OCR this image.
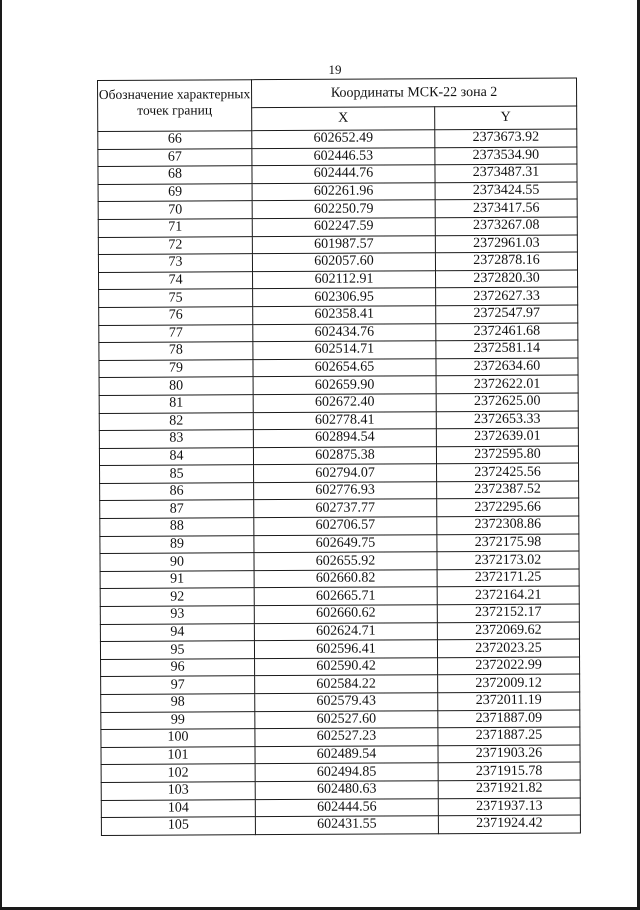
19
Обозначение характерных точек границ	Координаты МСК-22 зона 2	
	X	Y
66	602652.49	2373673.92
67	602446.53	2373534.90
68	602444.76	2373487.31
69	602261.96	2373424.55
70	602250.79	2373417.56
71	602247.59	2373267.08
72	601987.57	2372961.03
73	602057.60	2372878.16
74	602112.91	2372820.30
75	602306.95	2372627.33
76	602358.41	2372547.97
77	602434.76	2372461.68
78	602514.71	2372581.14
79	602654.65	2372634.60
80	602659.90	2372622.01
81	602672.40	2372625.00
82	602778.41	2372653.33
83	602894.54	2372639.01
84	602875.38	2372595.80
85	602794.07	2372425.56
86	602776.93	2372387.52
87	602737.77	2372295.66
88	602706.57	2372308.86
89	602649.75	2372175.98
90	602655.92	2372173.02
91	602660.82	2372171.25
92	602665.71	2372164.21
93	602660.62	2372152.17
94	602624.71	2372069.62
95	602596.41	2372023.25
96	602590.42	2372022.99
97	602584.22	2372009.12
98	602579.43	2372011.19
99	602527.60	2371887.09
100	602527.23	2371887.25
101	602489.54	2371903.26
102	602494.85	2371915.78
103	602480.63	2371921.82
104	602444.56	2371937.13
105	602431.55	2371924.42
